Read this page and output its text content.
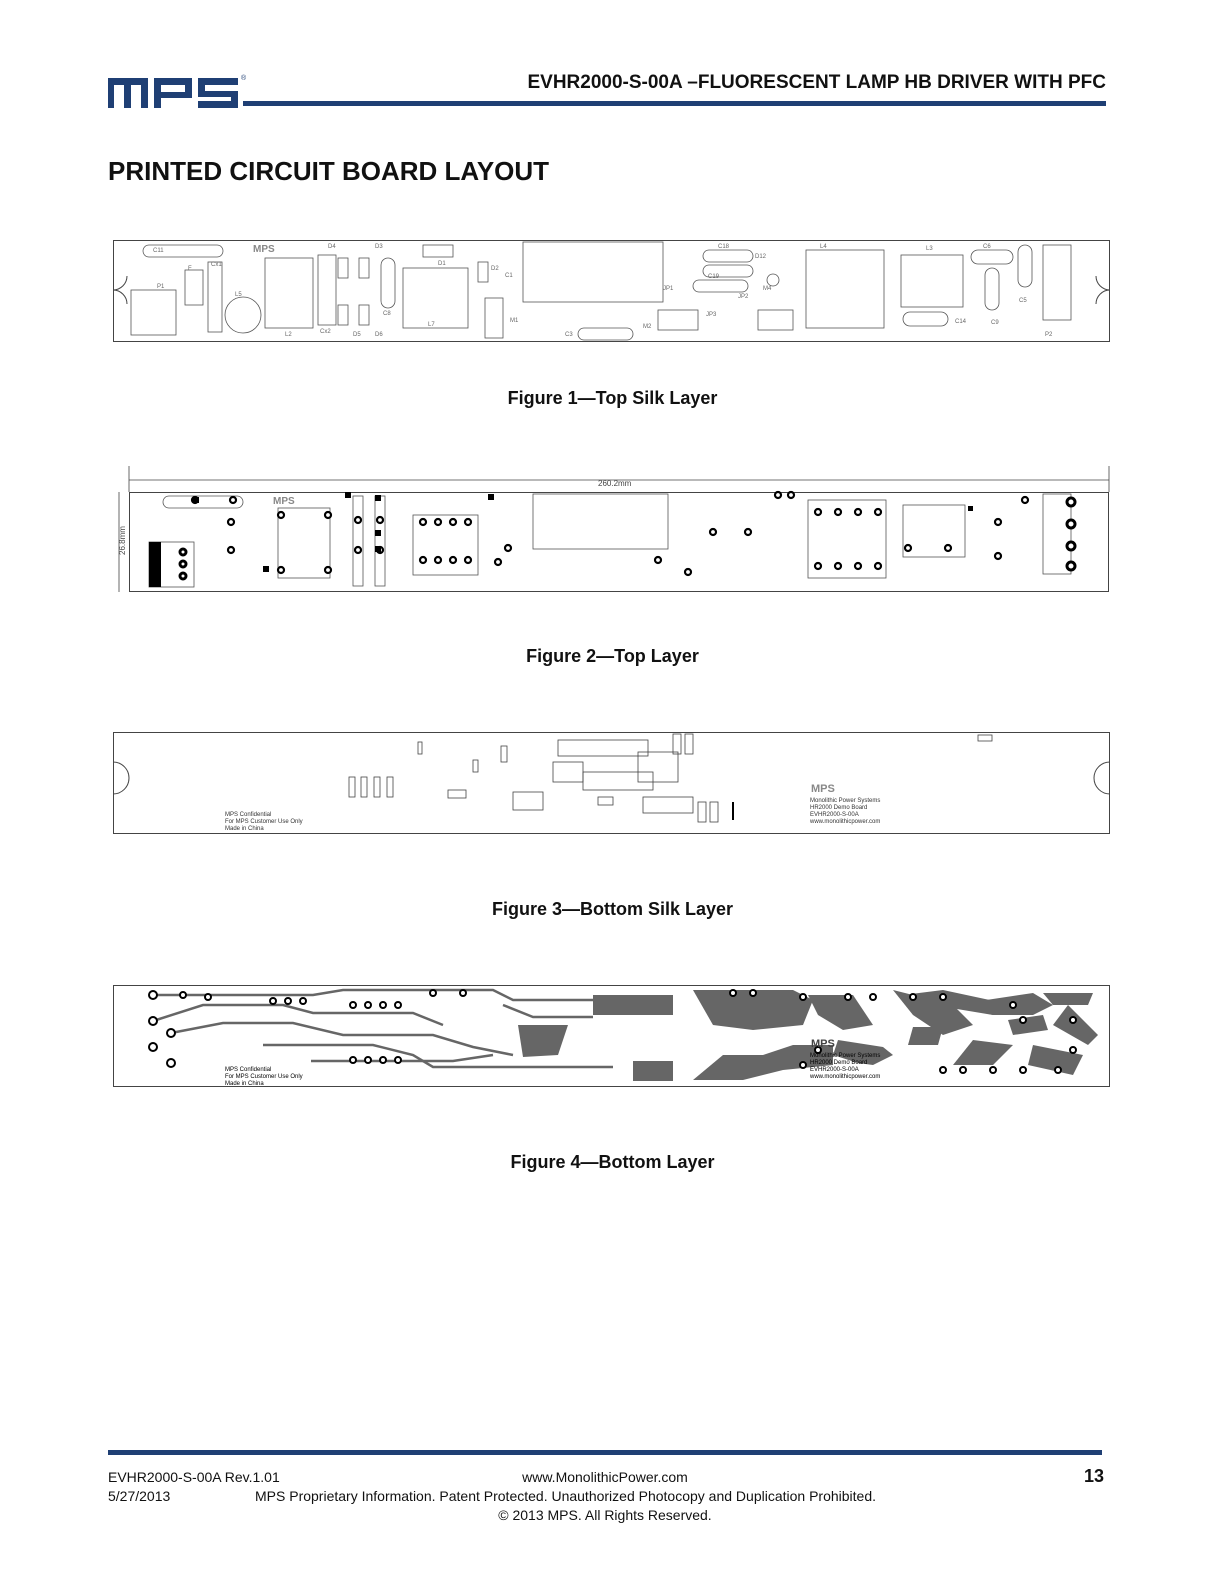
®	EVHR2000-S-00A –FLUORESCENT LAMP HB DRIVER WITH PFC
PRINTED CIRCUIT BOARD LAYOUT
C11
F
Cx1
P1
L5
D4	D3
D1
D2
C1
C8
L7
M1
C3
M2
JP1
JP2
JP3
C18
C19
D12
M4
L4	L3	C6
C14
C5
C9
P2
L2	Cx2	D5 D6
MPS
Figure 1—Top Silk Layer
260.2mm
26.8mm
MPS
Figure 2—Top Layer
MPS
MPS Confidential
For MPS Customer Use Only
Made in China
Monolithic Power Systems
HR2000 Demo Board
EVHR2000-S-00A
www.monolithicpower.com
Figure 3—Bottom Silk Layer
MPS Confidential
For MPS Customer Use Only
Made in China
Monolithic Power Systems
HR2000 Demo Board
EVHR2000-S-00A
www.monolithicpower.com
MPS
Figure 4—Bottom Layer
EVHR2000-S-00A Rev.1.01	www.MonolithicPower.com	13
5/27/2013	MPS Proprietary Information. Patent Protected. Unauthorized Photocopy and Duplication Prohibited.
© 2013 MPS. All Rights Reserved.
